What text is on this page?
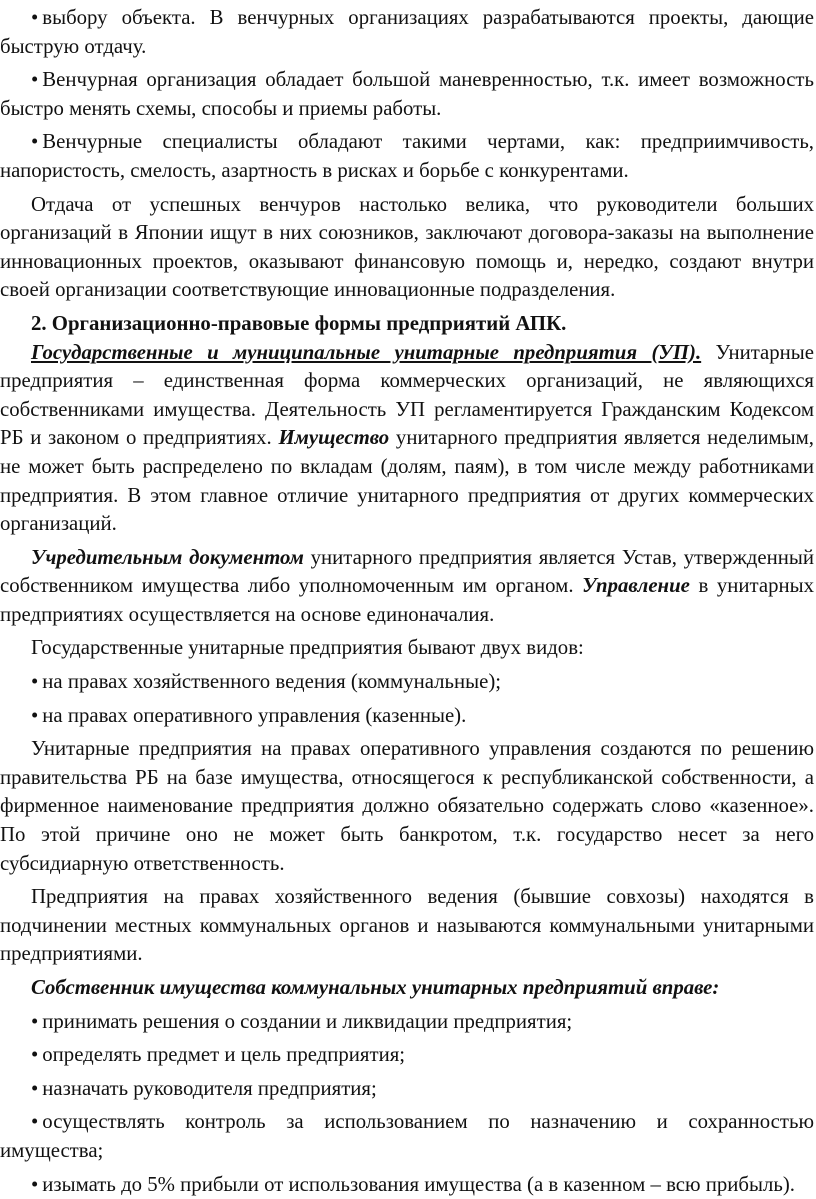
• выбору объекта. В венчурных организациях разрабатываются проекты, дающие быструю отдачу.

• Венчурная организация обладает большой маневренностью, т.к. имеет возможность быстро менять схемы, способы и приемы работы.

• Венчурные специалисты обладают такими чертами, как: предприимчивость, напористость, смелость, азартность в рисках и борьбе с конкурентами.

Отдача от успешных венчуров настолько велика, что руководители больших организаций в Японии ищут в них союзников, заключают договора-заказы на выполнение инновационных проектов, оказывают финансовую помощь и, нередко, создают внутри своей организации соответствующие инновационные подразделения.

2. Организационно-правовые формы предприятий АПК.

Государственные и муниципальные унитарные предприятия (УП). Унитарные предприятия – единственная форма коммерческих организаций, не являющихся собственниками имущества. Деятельность УП регламентируется Гражданским Кодексом РБ и законом о предприятиях. Имущество унитарного предприятия является неделимым, не может быть распределено по вкладам (долям, паям), в том числе между работниками предприятия. В этом главное отличие унитарного предприятия от других коммерческих организаций.

Учредительным документом унитарного предприятия является Устав, утвержденный собственником имущества либо уполномоченным им органом. Управление в унитарных предприятиях осуществляется на основе единоначалия.

Государственные унитарные предприятия бывают двух видов:

• на правах хозяйственного ведения (коммунальные);

• на правах оперативного управления (казенные).

Унитарные предприятия на правах оперативного управления создаются по решению правительства РБ на базе имущества, относящегося к республиканской собственности, а фирменное наименование предприятия должно обязательно содержать слово «казенное». По этой причине оно не может быть банкротом, т.к. государство несет за него субсидиарную ответственность.

Предприятия на правах хозяйственного ведения (бывшие совхозы) находятся в подчинении местных коммунальных органов и называются коммунальными унитарными предприятиями.

Собственник имущества коммунальных унитарных предприятий вправе:

• принимать решения о создании и ликвидации предприятия;

• определять предмет и цель предприятия;

• назначать руководителя предприятия;

• осуществлять контроль за использованием по назначению и сохранностью имущества;

• изымать до 5% прибыли от использования имущества (а в казенном – всю прибыль).
